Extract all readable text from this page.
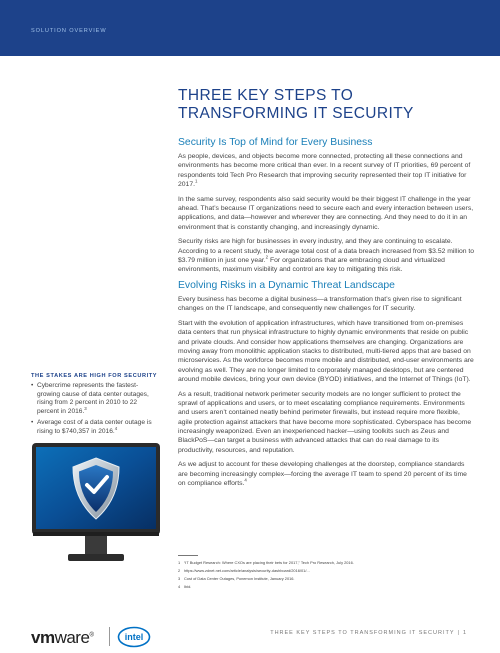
SOLUTION OVERVIEW
THREE KEY STEPS TO
TRANSFORMING IT SECURITY
Security Is Top of Mind for Every Business

As people, devices, and objects become more connected, protecting all these connections and environments has become more critical than ever. In a recent survey of IT priorities, 69 percent of respondents told Tech Pro Research that improving security represented their top IT initiative for 2017.$^1$

In the same survey, respondents also said security would be their biggest IT challenge in the year ahead. That’s because IT organizations need to secure each and every interaction between users, applications, and data—however and wherever they are connecting. And they need to do it in an environment that is constantly changing, and increasingly dynamic.

Security risks are high for businesses in every industry, and they are continuing to escalate. According to a recent study, the average total cost of a data breach increased from $3.52 million to $3.79 million in just one year.$^2$ For organizations that are embracing cloud and virtualized environments, maximum visibility and control are key to mitigating this risk.

Evolving Risks in a Dynamic Threat Landscape

Every business has become a digital business—a transformation that’s given rise to significant changes on the IT landscape, and consequently new challenges for IT security.

Start with the evolution of application infrastructures, which have transitioned from on-premises data centers that run physical infrastructure to highly dynamic environments that reside on public and private clouds. And consider how applications themselves are changing. Organizations are moving away from monolithic application stacks to distributed, multi-tiered apps that are based on microservices. As the workforce becomes more mobile and distributed, end-user environments are evolving as well. They are no longer limited to corporately managed desktops, but are centered around mobile devices, bring your own device (BYOD) initiatives, and the Internet of Things (IoT).

As a result, traditional network perimeter security models are no longer sufficient to protect the sprawl of applications and users, or to meet escalating compliance requirements. Environments and users aren’t contained neatly behind perimeter firewalls, but instead require more flexible, agile protection against attackers that have become more sophisticated. Cyberspace has become increasingly weaponized. Even an inexperienced hacker—using toolkits such as Zeus and BlackPoS—can target a business with advanced attacks that can do real damage to its productivity, resources, and reputation.

As we adjust to account for these developing challenges at the doorstep, compliance standards are becoming increasingly complex—forcing the average IT team to spend 20 percent of its time on compliance efforts.$^4$

THE STAKES ARE HIGH FOR SECURITY
• Cybercrime represents the fastest-growing cause of data center outages, rising from 2 percent in 2010 to 22 percent in 2016.$^3$
• Average cost of a data center outage is rising to $740,357 in 2016.$^4$
1 “IT Budget Research: Where CXOs are placing their bets for 2017,” Tech Pro Research, July 2016.
2 https://www.zdnet.net.com/article/analysis/security-dashboard/2016/01/...
3 Cost of Data Center Outages, Ponemon Institute, January 2016.
4 Ibid.
vmware®	intel	THREE KEY STEPS TO TRANSFORMING IT SECURITY | 1
